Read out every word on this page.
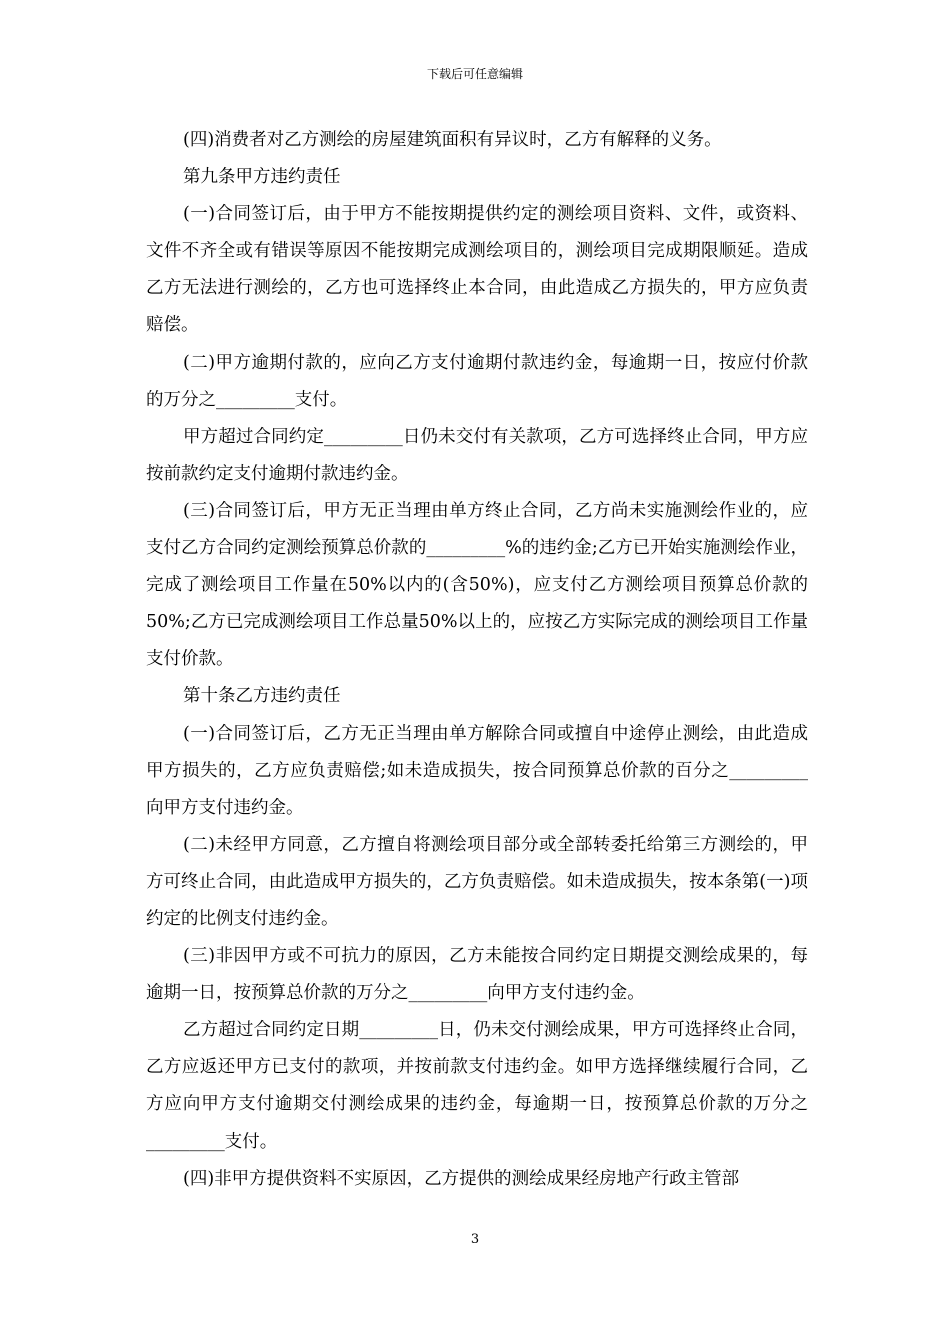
下载后可任意编辑

(四)消费者对乙方测绘的房屋建筑面积有异议时，乙方有解释的义务。

第九条甲方违约责任

(一)合同签订后，由于甲方不能按期提供约定的测绘项目资料、文件，或资料、文件不齐全或有错误等原因不能按期完成测绘项目的，测绘项目完成期限顺延。造成乙方无法进行测绘的，乙方也可选择终止本合同，由此造成乙方损失的，甲方应负责赔偿。

(二)甲方逾期付款的，应向乙方支付逾期付款违约金，每逾期一日，按应付价款的万分之_________支付。

甲方超过合同约定_________日仍未交付有关款项，乙方可选择终止合同，甲方应按前款约定支付逾期付款违约金。

(三)合同签订后，甲方无正当理由单方终止合同，乙方尚未实施测绘作业的，应支付乙方合同约定测绘预算总价款的_________%的违约金;乙方已开始实施测绘作业，完成了测绘项目工作量在50%以内的(含50%)，应支付乙方测绘项目预算总价款的50%;乙方已完成测绘项目工作总量50%以上的，应按乙方实际完成的测绘项目工作量支付价款。

第十条乙方违约责任

(一)合同签订后，乙方无正当理由单方解除合同或擅自中途停止测绘，由此造成甲方损失的，乙方应负责赔偿;如未造成损失，按合同预算总价款的百分之_________向甲方支付违约金。

(二)未经甲方同意，乙方擅自将测绘项目部分或全部转委托给第三方测绘的，甲方可终止合同，由此造成甲方损失的，乙方负责赔偿。如未造成损失，按本条第(一)项约定的比例支付违约金。

(三)非因甲方或不可抗力的原因，乙方未能按合同约定日期提交测绘成果的，每逾期一日，按预算总价款的万分之_________向甲方支付违约金。

乙方超过合同约定日期_________日，仍未交付测绘成果，甲方可选择终止合同，乙方应返还甲方已支付的款项，并按前款支付违约金。如甲方选择继续履行合同，乙方应向甲方支付逾期交付测绘成果的违约金，每逾期一日，按预算总价款的万分之_________支付。

(四)非甲方提供资料不实原因，乙方提供的测绘成果经房地产行政主管部

3
